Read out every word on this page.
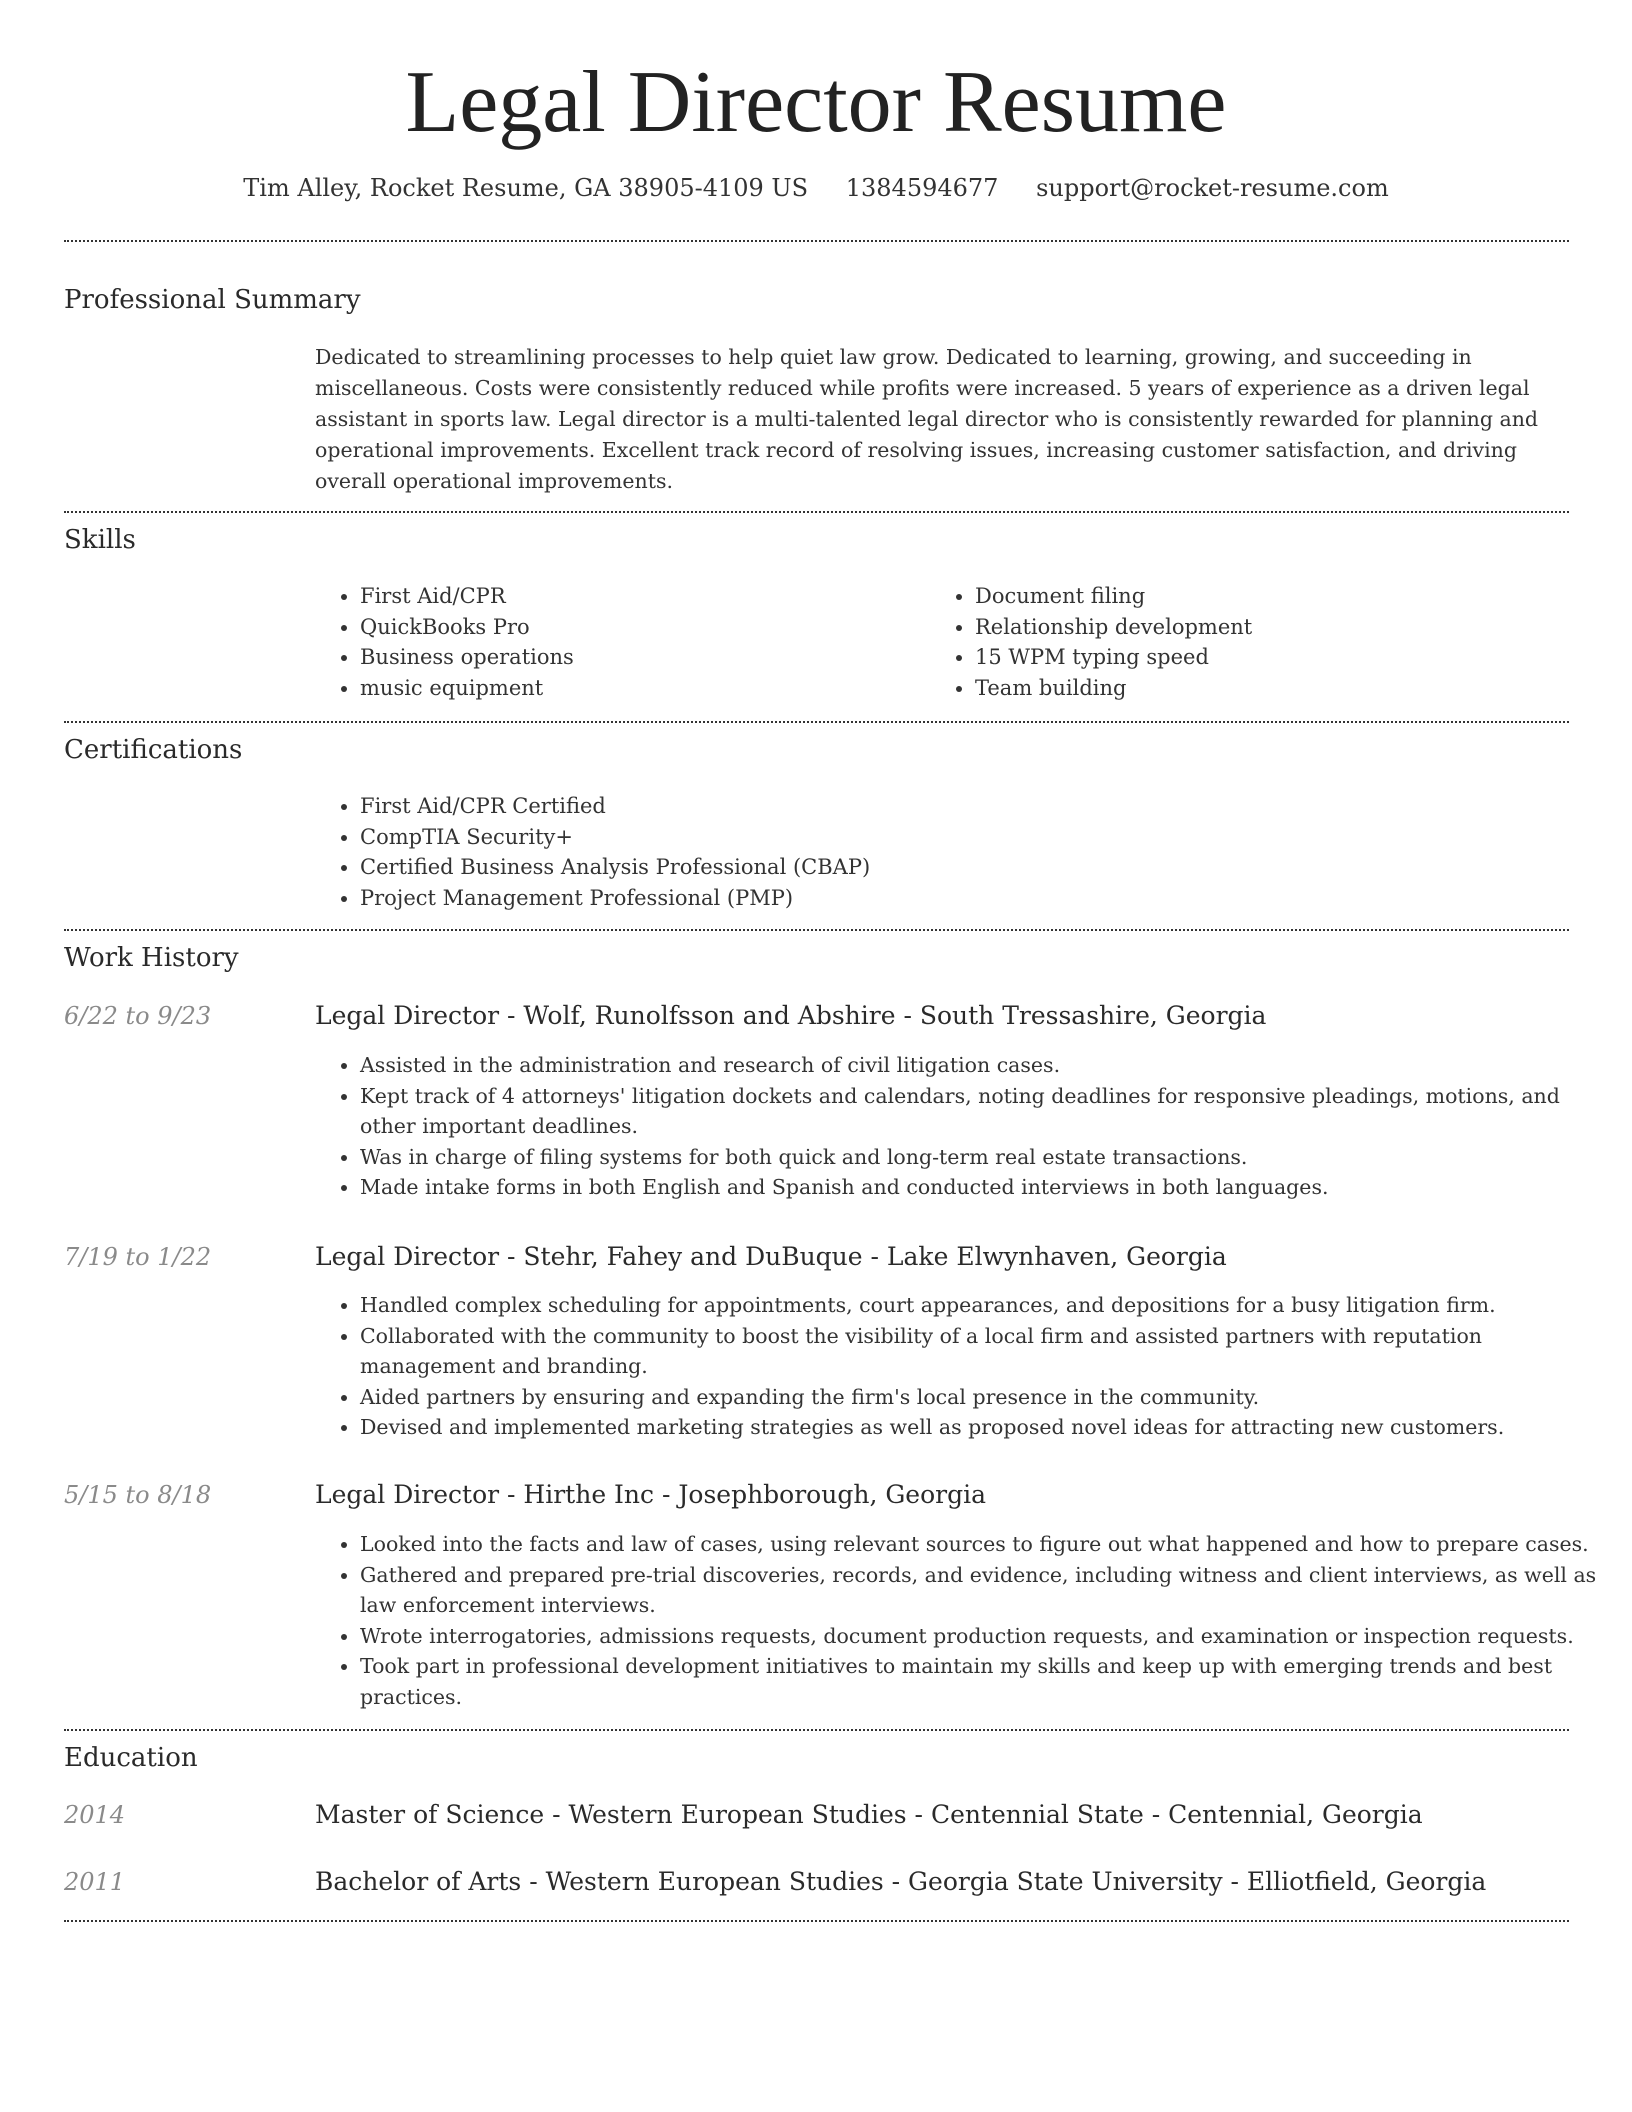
Legal Director Resume
Tim Alley, Rocket Resume, GA 38905-4109 US 1384594677 support@rocket-resume.com
Professional Summary

Dedicated to streamlining processes to help quiet law grow. Dedicated to learning, growing, and succeeding in miscellaneous. Costs were consistently reduced while profits were increased. 5 years of experience as a driven legal assistant in sports law. Legal director is a multi-talented legal director who is consistently rewarded for planning and operational improvements. Excellent track record of resolving issues, increasing customer satisfaction, and driving overall operational improvements.

Skills
• First Aid/CPR
• QuickBooks Pro
• Business operations
• music equipment
• Document filing
• Relationship development
• 15 WPM typing speed
• Team building
Certifications
• First Aid/CPR Certified
• CompTIA Security+
• Certified Business Analysis Professional (CBAP)
• Project Management Professional (PMP)
Work History
6/22 to 9/23	Legal Director - Wolf, Runolfsson and Abshire - South Tressashire, Georgia
• Assisted in the administration and research of civil litigation cases.
• Kept track of 4 attorneys' litigation dockets and calendars, noting deadlines for responsive pleadings, motions, and other important deadlines.
• Was in charge of filing systems for both quick and long-term real estate transactions.
• Made intake forms in both English and Spanish and conducted interviews in both languages.
7/19 to 1/22	Legal Director - Stehr, Fahey and DuBuque - Lake Elwynhaven, Georgia
• Handled complex scheduling for appointments, court appearances, and depositions for a busy litigation firm.
• Collaborated with the community to boost the visibility of a local firm and assisted partners with reputation management and branding.
• Aided partners by ensuring and expanding the firm's local presence in the community.
• Devised and implemented marketing strategies as well as proposed novel ideas for attracting new customers.
5/15 to 8/18	Legal Director - Hirthe Inc - Josephborough, Georgia
• Looked into the facts and law of cases, using relevant sources to figure out what happened and how to prepare cases.
• Gathered and prepared pre-trial discoveries, records, and evidence, including witness and client interviews, as well as law enforcement interviews.
• Wrote interrogatories, admissions requests, document production requests, and examination or inspection requests.
• Took part in professional development initiatives to maintain my skills and keep up with emerging trends and best practices.
Education
2014	Master of Science - Western European Studies - Centennial State - Centennial, Georgia
2011	Bachelor of Arts - Western European Studies - Georgia State University - Elliotfield, Georgia
